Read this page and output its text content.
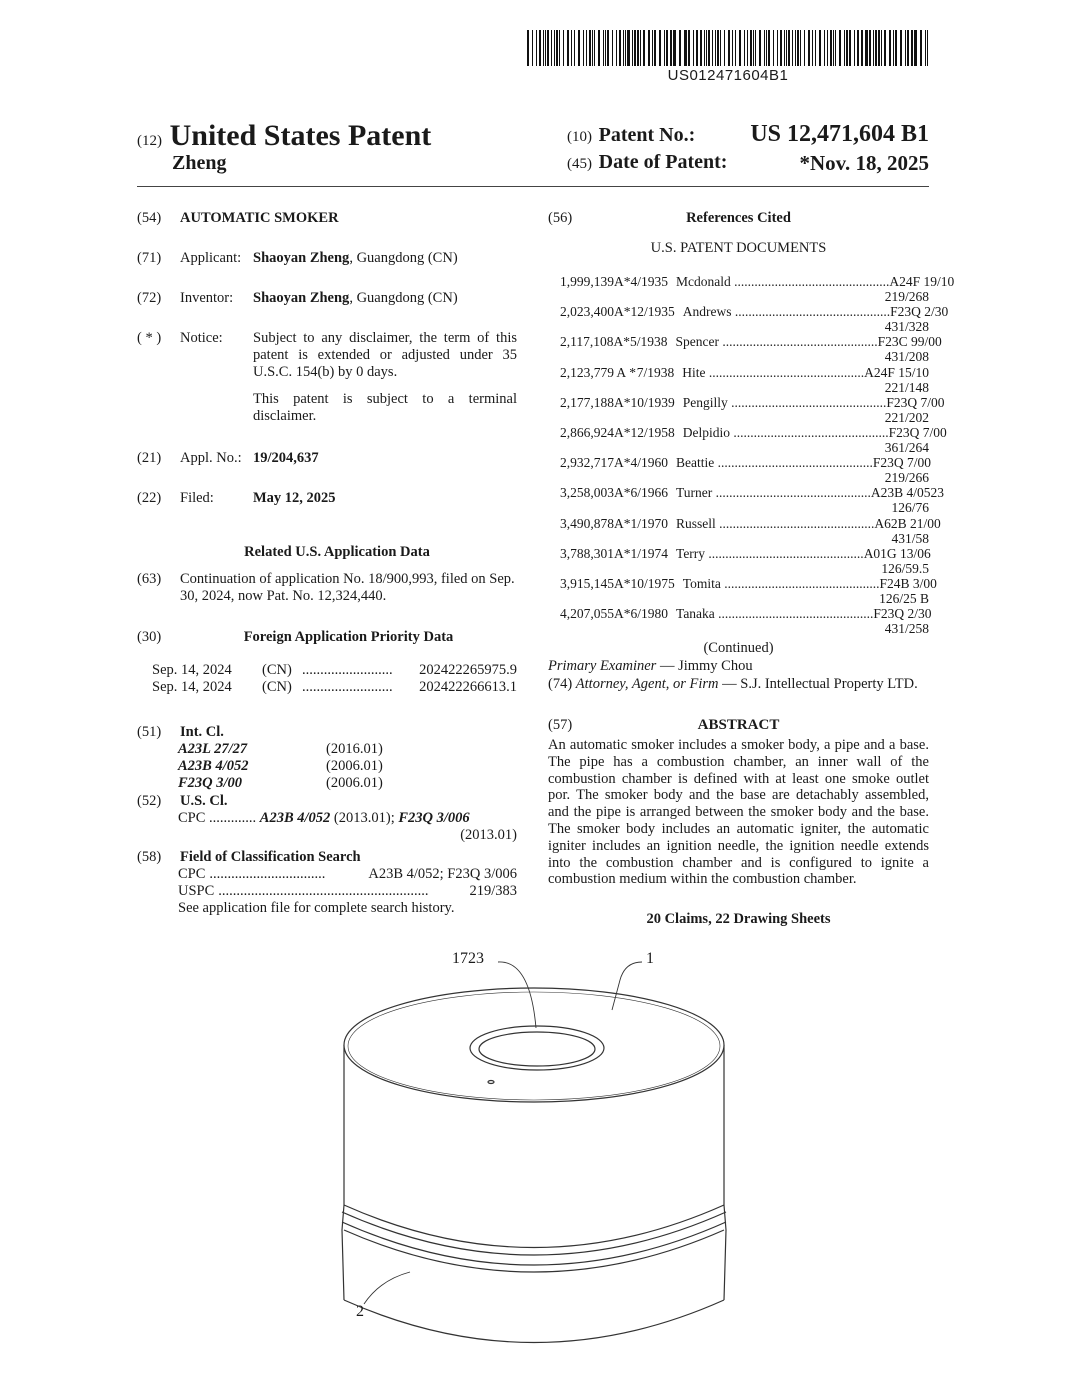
US012471604B1
(12) United States Patent
Zheng
(10) Patent No.: US 12,471,604 B1
(45) Date of Patent:	*Nov. 18, 2025
(54)	AUTOMATIC SMOKER
(71)	Applicant: Shaoyan Zheng, Guangdong (CN)
(72)	Inventor:	Shaoyan Zheng, Guangdong (CN)
( * )	Notice:	Subject to any disclaimer, the term of this patent is extended or adjusted under 35 U.S.C. 154(b) by 0 days.
This patent is subject to a terminal disclaimer.
(21)	Appl. No.: 19/204,637
(22)	Filed:	May 12, 2025
Related U.S. Application Data
(63)	Continuation of application No. 18/900,993, filed on Sep. 30, 2024, now Pat. No. 12,324,440.
(30)	Foreign Application Priority Data
Sep. 14, 2024	(CN) .........................	202422265975.9
Sep. 14, 2024	(CN) .........................	202422266613.1
(51)	Int. Cl.
A23L 27/27	(2016.01)
A23B 4/052	(2006.01)
F23Q 3/00	(2006.01)
(52)	U.S. Cl.
CPC ............. A23B 4/052 (2013.01); F23Q 3/006
(2013.01)
(58)	Field of Classification Search
CPC ................................	A23B 4/052; F23Q 3/006
USPC ..........................................................	219/383
See application file for complete search history.
(56)	References Cited
U.S. PATENT DOCUMENTS
1,999,139 A * 4/1935 Mcdonald .............................................. A24F 19/10
219/268
2,023,400 A * 12/1935 Andrews .............................................. F23Q 2/30
431/328
2,117,108 A * 5/1938 Spencer .............................................. F23C 99/00
431/208
2,123,779 A * 7/1938 Hite .............................................. A24F 15/10
221/148
2,177,188 A * 10/1939 Pengilly .............................................. F23Q 7/00
221/202
2,866,924 A * 12/1958 Delpidio .............................................. F23Q 7/00
361/264
2,932,717 A * 4/1960 Beattie .............................................. F23Q 7/00
219/266
3,258,003 A * 6/1966 Turner .............................................. A23B 4/0523
126/76
3,490,878 A * 1/1970 Russell .............................................. A62B 21/00
431/58
3,788,301 A * 1/1974 Terry .............................................. A01G 13/06
126/59.5
3,915,145 A * 10/1975 Tomita .............................................. F24B 3/00
126/25 B
4,207,055 A * 6/1980 Tanaka .............................................. F23Q 2/30
431/258
(Continued)
Primary Examiner — Jimmy Chou
(74) Attorney, Agent, or Firm — S.J. Intellectual Property LTD.
(57)	ABSTRACT
An automatic smoker includes a smoker body, a pipe and a base. The pipe has a combustion chamber, an inner wall of the combustion chamber is defined with at least one smoke outlet por. The smoker body and the base are detachably assembled, and the pipe is arranged between the smoker body and the base. The smoker body includes an automatic igniter, the automatic igniter includes an ignition needle, the ignition needle extends into the combustion chamber and is configured to ignite a combustion medium within the combustion chamber.
20 Claims, 22 Drawing Sheets
1723	1
2
